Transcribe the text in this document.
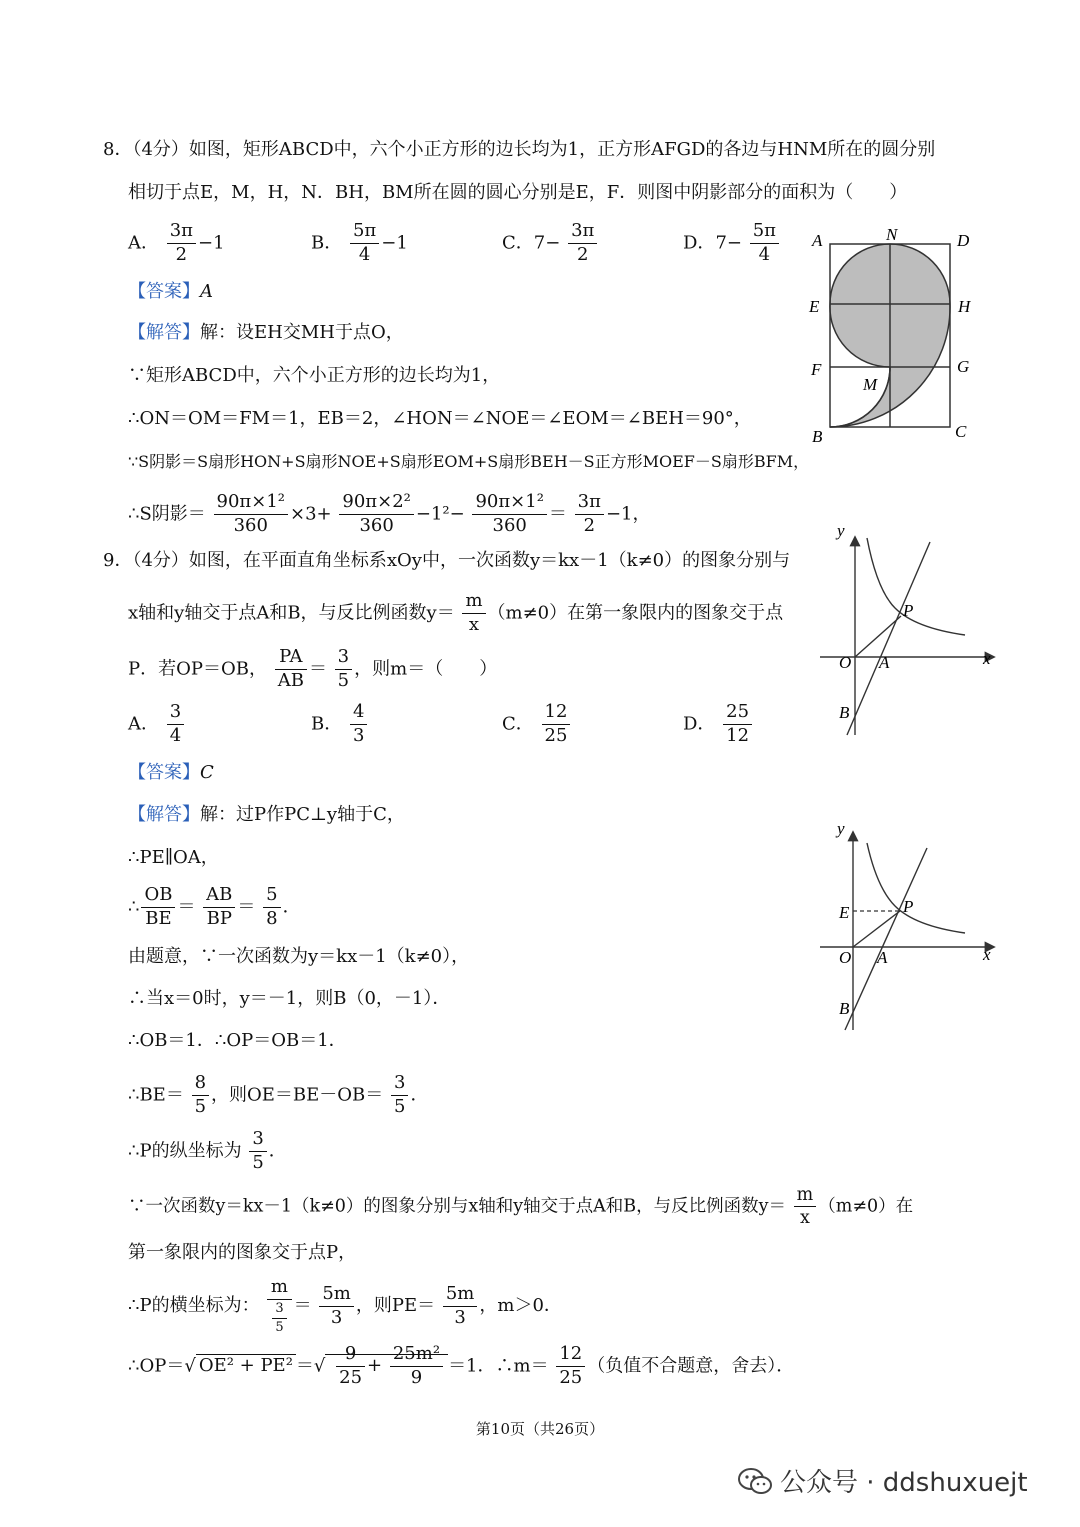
8．（4分）如图，矩形ABCD中，六个小正方形的边长均为1，正方形AFGD的各边与HNM所在的圆分别
相切于点E，M，H，N．BH，BM所在圆的圆心分别是E，F．则图中阴影部分的面积为（　　）
A． $\frac{3\pi}{2} -1$	B． $\frac{5\pi}{4} -1$	C．$7- \frac{3\pi}{2}$	D．$7- \frac{5\pi}{4}$
【答案】A
【解答】解：设EH交MH于点O，
∵矩形ABCD中，六个小正方形的边长均为1，
∴ON＝OM＝FM＝1，EB＝2，∠HON＝∠NOE＝∠EOM＝∠BEH＝90°，
∵S阴影＝S扇形HON+S扇形NOE+S扇形EOM+S扇形BEH－S正方形MOEF－S扇形BFM，
∴S阴影＝ $\frac{\text{90π×1²}}{360} \times 3+ \frac{\text{90π×2²}}{360} -1^2- \frac{\text{90π×1²}}{360} = \frac{3\pi}{2} -1$，
A	N	D
E	H
F	G
M
B	C
9．（4分）如图，在平面直角坐标系xOy中，一次函数y＝kx－1（k≠0）的图象分别与
x轴和y轴交于点A和B，与反比例函数$y= \frac{m}{x} (m\ne 0)$在第一象限内的图象交于点
P．若OP＝OB， $\frac{PA}{AB} = \frac{3}{5}$ ，则m＝（　　）
A． $\frac{3}{4}$	B． $\frac{4}{3}$	C． $\frac{12}{25}$	D． $\frac{25}{12}$
【答案】C
【解答】解：过P作PC⊥y轴于C，
∴PE∥OA，
∴ $\frac{OB}{BE} = \frac{AB}{BP} = \frac{5}{8}$ ．
由题意，∵一次函数为y＝kx－1（k≠0），
∴当x＝0时，y＝－1，则B（0，－1）．
∴OB＝1．∴OP＝OB＝1．
∴BE＝ $\frac{8}{5}$ ，则$OE=BE-OB= \frac{3}{5}$ ．
∴P的纵坐标为 $\frac{3}{5}$ ．
∵一次函数y＝kx－1（k≠0）的图象分别与x轴和y轴交于点A和B，与反比例函数$y= \frac{m}{x} (m\ne 0)$在
第一象限内的图象交于点P，
∴P的横坐标为： $\frac{m}{\frac{3}{5}} = \frac{5m}{3}$ ，则$PE= \frac{5m}{3}$ ，m＞0．
∴OP＝√ OE² + PE² ＝√ $\frac{9}{25} + \frac{\text{25m²}}{9} =1$．∴m＝ $\frac{12}{25}$ （负值不合题意，舍去）．
y
P
O A	x
B
y
E	P
O A	x
B
第10页（共26页）
公众号 · ddshuxuejt
